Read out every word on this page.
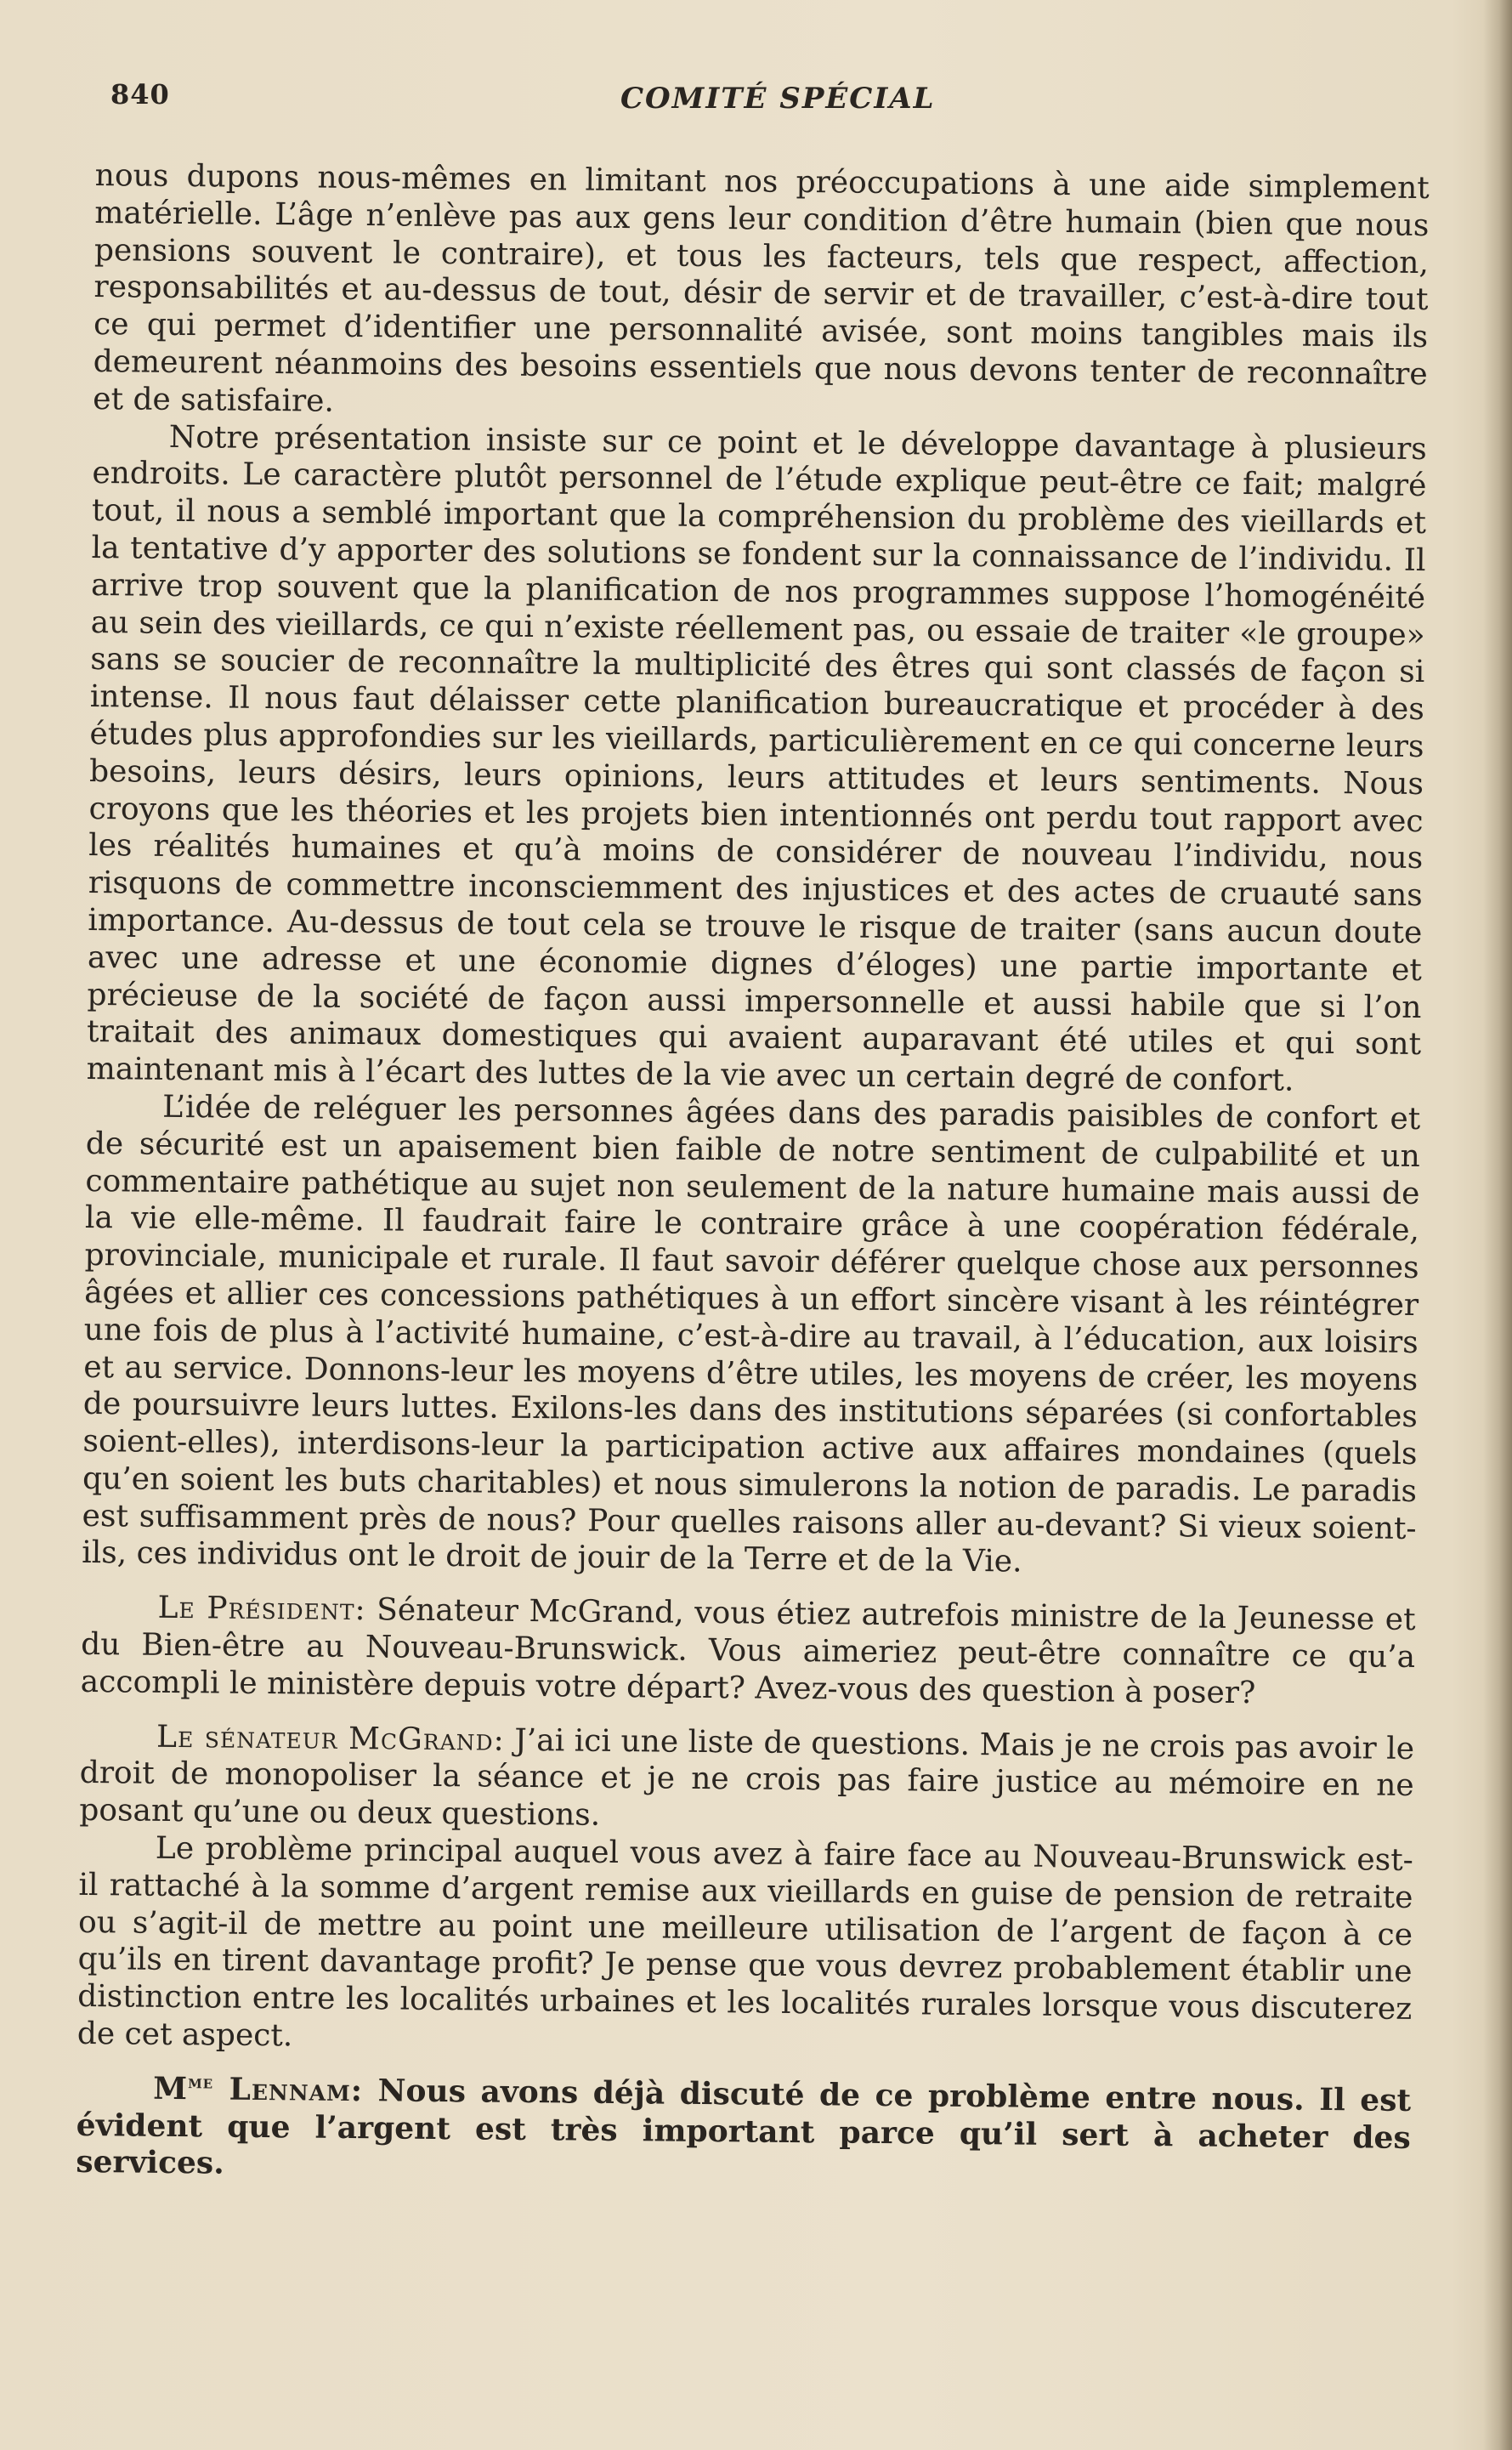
840	COMITÉ SPÉCIAL

nous dupons nous-mêmes en limitant nos préoccupations à une aide simplement matérielle. L’âge n’enlève pas aux gens leur condition d’être humain (bien que nous pensions souvent le contraire), et tous les facteurs, tels que respect, affection, responsabilités et au-dessus de tout, désir de servir et de travailler, c’est-à-dire tout ce qui permet d’identifier une personnalité avisée, sont moins tangibles mais ils demeurent néanmoins des besoins essentiels que nous devons tenter de reconnaître et de satisfaire.

Notre présentation insiste sur ce point et le développe davantage à plusieurs endroits. Le caractère plutôt personnel de l’étude explique peut-être ce fait; malgré tout, il nous a semblé important que la compréhension du problème des vieillards et la tentative d’y apporter des solutions se fondent sur la connaissance de l’individu. Il arrive trop souvent que la planification de nos programmes suppose l’homogénéité au sein des vieillards, ce qui n’existe réellement pas, ou essaie de traiter «le groupe» sans se soucier de reconnaître la multiplicité des êtres qui sont classés de façon si intense. Il nous faut délaisser cette planification bureaucratique et procéder à des études plus approfondies sur les vieillards, particulièrement en ce qui concerne leurs besoins, leurs désirs, leurs opinions, leurs attitudes et leurs sentiments. Nous croyons que les théories et les projets bien intentionnés ont perdu tout rapport avec les réalités humaines et qu’à moins de considérer de nouveau l’individu, nous risquons de commettre inconsciemment des injustices et des actes de cruauté sans importance. Au-dessus de tout cela se trouve le risque de traiter (sans aucun doute avec une adresse et une économie dignes d’éloges) une partie importante et précieuse de la société de façon aussi impersonnelle et aussi habile que si l’on traitait des animaux domestiques qui avaient auparavant été utiles et qui sont maintenant mis à l’écart des luttes de la vie avec un certain degré de confort.

L’idée de reléguer les personnes âgées dans des paradis paisibles de confort et de sécurité est un apaisement bien faible de notre sentiment de culpabilité et un commentaire pathétique au sujet non seulement de la nature humaine mais aussi de la vie elle-même. Il faudrait faire le contraire grâce à une coopération fédérale, provinciale, municipale et rurale. Il faut savoir déférer quelque chose aux personnes âgées et allier ces concessions pathétiques à un effort sincère visant à les réintégrer une fois de plus à l’activité humaine, c’est-à-dire au travail, à l’éducation, aux loisirs et au service. Donnons-leur les moyens d’être utiles, les moyens de créer, les moyens de poursuivre leurs luttes. Exilons-les dans des institutions séparées (si confortables soient-elles), interdisons-leur la participation active aux affaires mondaines (quels qu’en soient les buts charitables) et nous simulerons la notion de paradis. Le paradis est suffisamment près de nous? Pour quelles raisons aller au-devant? Si vieux soient-ils, ces individus ont le droit de jouir de la Terre et de la Vie.

Le Président: Sénateur McGrand, vous étiez autrefois ministre de la Jeunesse et du Bien-être au Nouveau-Brunswick. Vous aimeriez peut-être connaître ce qu’a accompli le ministère depuis votre départ? Avez-vous des question à poser?

Le sénateur McGrand: J’ai ici une liste de questions. Mais je ne crois pas avoir le droit de monopoliser la séance et je ne crois pas faire justice au mémoire en ne posant qu’une ou deux questions.

Le problème principal auquel vous avez à faire face au Nouveau-Brunswick est-il rattaché à la somme d’argent remise aux vieillards en guise de pension de retraite ou s’agit-il de mettre au point une meilleure utilisation de l’argent de façon à ce qu’ils en tirent davantage profit? Je pense que vous devrez probablement établir une distinction entre les localités urbaines et les localités rurales lorsque vous discuterez de cet aspect.

$M^{me}$ Lennam: Nous avons déjà discuté de ce problème entre nous. Il est évident que l’argent est très important parce qu’il sert à acheter des services.
